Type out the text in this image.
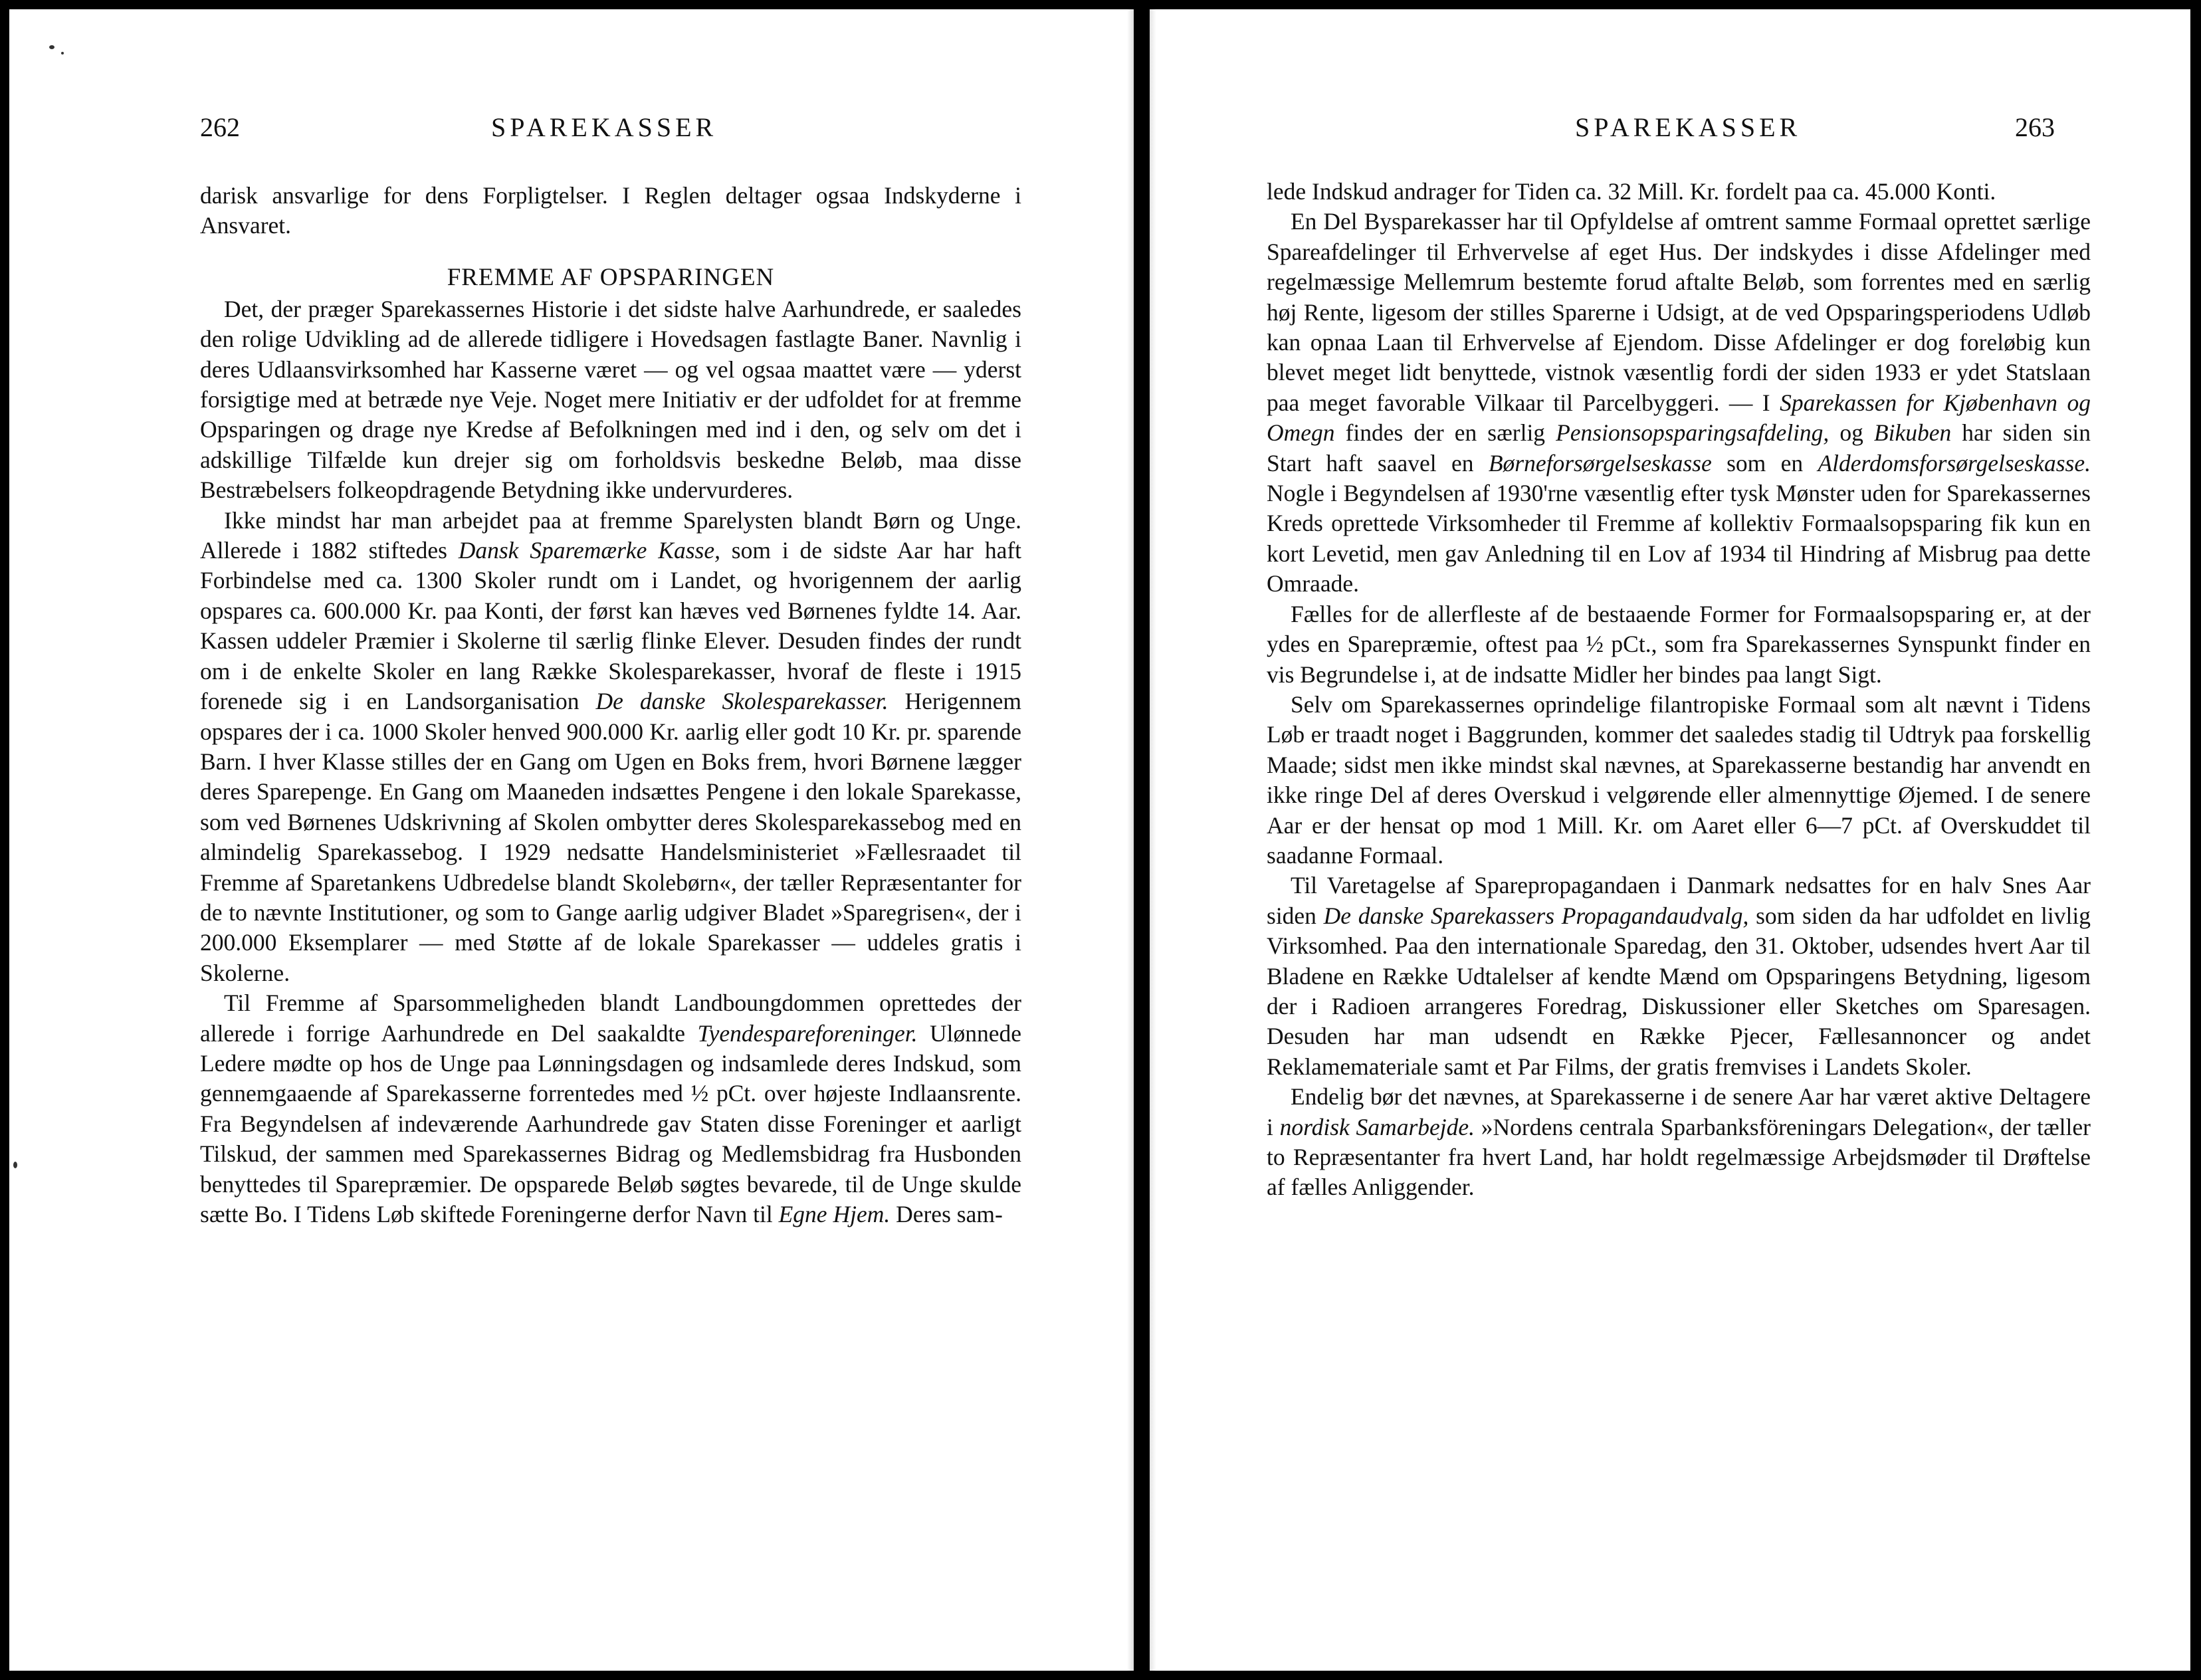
262	SPAREKASSER

darisk ansvarlige for dens Forpligtelser. I Reglen deltager ogsaa Indskyderne i Ansvaret.

FREMME AF OPSPARINGEN

Det, der præger Sparekassernes Historie i det sidste halve Aarhundrede, er saaledes den rolige Udvikling ad de allerede tidligere i Hovedsagen fastlagte Baner. Navnlig i deres Udlaansvirksomhed har Kasserne været — og vel ogsaa maattet være — yderst forsigtige med at betræde nye Veje. Noget mere Initiativ er der udfoldet for at fremme Opsparingen og drage nye Kredse af Befolkningen med ind i den, og selv om det i adskillige Tilfælde kun drejer sig om forholdsvis beskedne Beløb, maa disse Bestræbelsers folkeopdragende Betydning ikke undervurderes.

Ikke mindst har man arbejdet paa at fremme Sparelysten blandt Børn og Unge. Allerede i 1882 stiftedes Dansk Sparemærke Kasse, som i de sidste Aar har haft Forbindelse med ca. 1300 Skoler rundt om i Landet, og hvorigennem der aarlig opspares ca. 600.000 Kr. paa Konti, der først kan hæves ved Børnenes fyldte 14. Aar. Kassen uddeler Præmier i Skolerne til særlig flinke Elever. Desuden findes der rundt om i de enkelte Skoler en lang Række Skolesparekasser, hvoraf de fleste i 1915 forenede sig i en Landsorganisation De danske Skolesparekasser. Herigennem opspares der i ca. 1000 Skoler henved 900.000 Kr. aarlig eller godt 10 Kr. pr. sparende Barn. I hver Klasse stilles der en Gang om Ugen en Boks frem, hvori Børnene lægger deres Sparepenge. En Gang om Maaneden indsættes Pengene i den lokale Sparekasse, som ved Børnenes Udskrivning af Skolen ombytter deres Skolesparekassebog med en almindelig Sparekassebog. I 1929 nedsatte Handelsministeriet »Fællesraadet til Fremme af Sparetankens Udbredelse blandt Skolebørn«, der tæller Repræsentanter for de to nævnte Institutioner, og som to Gange aarlig udgiver Bladet »Sparegrisen«, der i 200.000 Eksemplarer — med Støtte af de lokale Sparekasser — uddeles gratis i Skolerne.

Til Fremme af Sparsommeligheden blandt Landboungdommen oprettedes der allerede i forrige Aarhundrede en Del saakaldte Tyendespareforeninger. Ulønnede Ledere mødte op hos de Unge paa Lønningsdagen og indsamlede deres Indskud, som gennemgaaende af Sparekasserne forrentedes med ½ pCt. over højeste Indlaansrente. Fra Begyndelsen af indeværende Aarhundrede gav Staten disse Foreninger et aarligt Tilskud, der sammen med Sparekassernes Bidrag og Medlemsbidrag fra Husbonden benyttedes til Sparepræmier. De opsparede Beløb søgtes bevarede, til de Unge skulde sætte Bo. I Tidens Løb skiftede Foreningerne derfor Navn til Egne Hjem. Deres sam-

SPAREKASSER	263

lede Indskud andrager for Tiden ca. 32 Mill. Kr. fordelt paa ca. 45.000 Konti.

En Del Bysparekasser har til Opfyldelse af omtrent samme Formaal oprettet særlige Spareafdelinger til Erhvervelse af eget Hus. Der indskydes i disse Afdelinger med regelmæssige Mellemrum bestemte forud aftalte Beløb, som forrentes med en særlig høj Rente, ligesom der stilles Sparerne i Udsigt, at de ved Opsparingsperiodens Udløb kan opnaa Laan til Erhvervelse af Ejendom. Disse Afdelinger er dog foreløbig kun blevet meget lidt benyttede, vistnok væsentlig fordi der siden 1933 er ydet Statslaan paa meget favorable Vilkaar til Parcelbyggeri. — I Sparekassen for Kjøbenhavn og Omegn findes der en særlig Pensionsopsparingsafdeling, og Bikuben har siden sin Start haft saavel en Børneforsørgelseskasse som en Alderdomsforsørgelseskasse. Nogle i Begyndelsen af 1930'rne væsentlig efter tysk Mønster uden for Sparekassernes Kreds oprettede Virksomheder til Fremme af kollektiv Formaalsopsparing fik kun en kort Levetid, men gav Anledning til en Lov af 1934 til Hindring af Misbrug paa dette Omraade.

Fælles for de allerfleste af de bestaaende Former for Formaalsopsparing er, at der ydes en Sparepræmie, oftest paa ½ pCt., som fra Sparekassernes Synspunkt finder en vis Begrundelse i, at de indsatte Midler her bindes paa langt Sigt.

Selv om Sparekassernes oprindelige filantropiske Formaal som alt nævnt i Tidens Løb er traadt noget i Baggrunden, kommer det saaledes stadig til Udtryk paa forskellig Maade; sidst men ikke mindst skal nævnes, at Sparekasserne bestandig har anvendt en ikke ringe Del af deres Overskud i velgørende eller almennyttige Øjemed. I de senere Aar er der hensat op mod 1 Mill. Kr. om Aaret eller 6—7 pCt. af Overskuddet til saadanne Formaal.

Til Varetagelse af Sparepropagandaen i Danmark nedsattes for en halv Snes Aar siden De danske Sparekassers Propagandaudvalg, som siden da har udfoldet en livlig Virksomhed. Paa den internationale Sparedag, den 31. Oktober, udsendes hvert Aar til Bladene en Række Udtalelser af kendte Mænd om Opsparingens Betydning, ligesom der i Radioen arrangeres Foredrag, Diskussioner eller Sketches om Sparesagen. Desuden har man udsendt en Række Pjecer, Fællesannoncer og andet Reklamemateriale samt et Par Films, der gratis fremvises i Landets Skoler.

Endelig bør det nævnes, at Sparekasserne i de senere Aar har været aktive Deltagere i nordisk Samarbejde. »Nordens centrala Sparbanksföreningars Delegation«, der tæller to Repræsentanter fra hvert Land, har holdt regelmæssige Arbejdsmøder til Drøftelse af fælles Anliggender.
